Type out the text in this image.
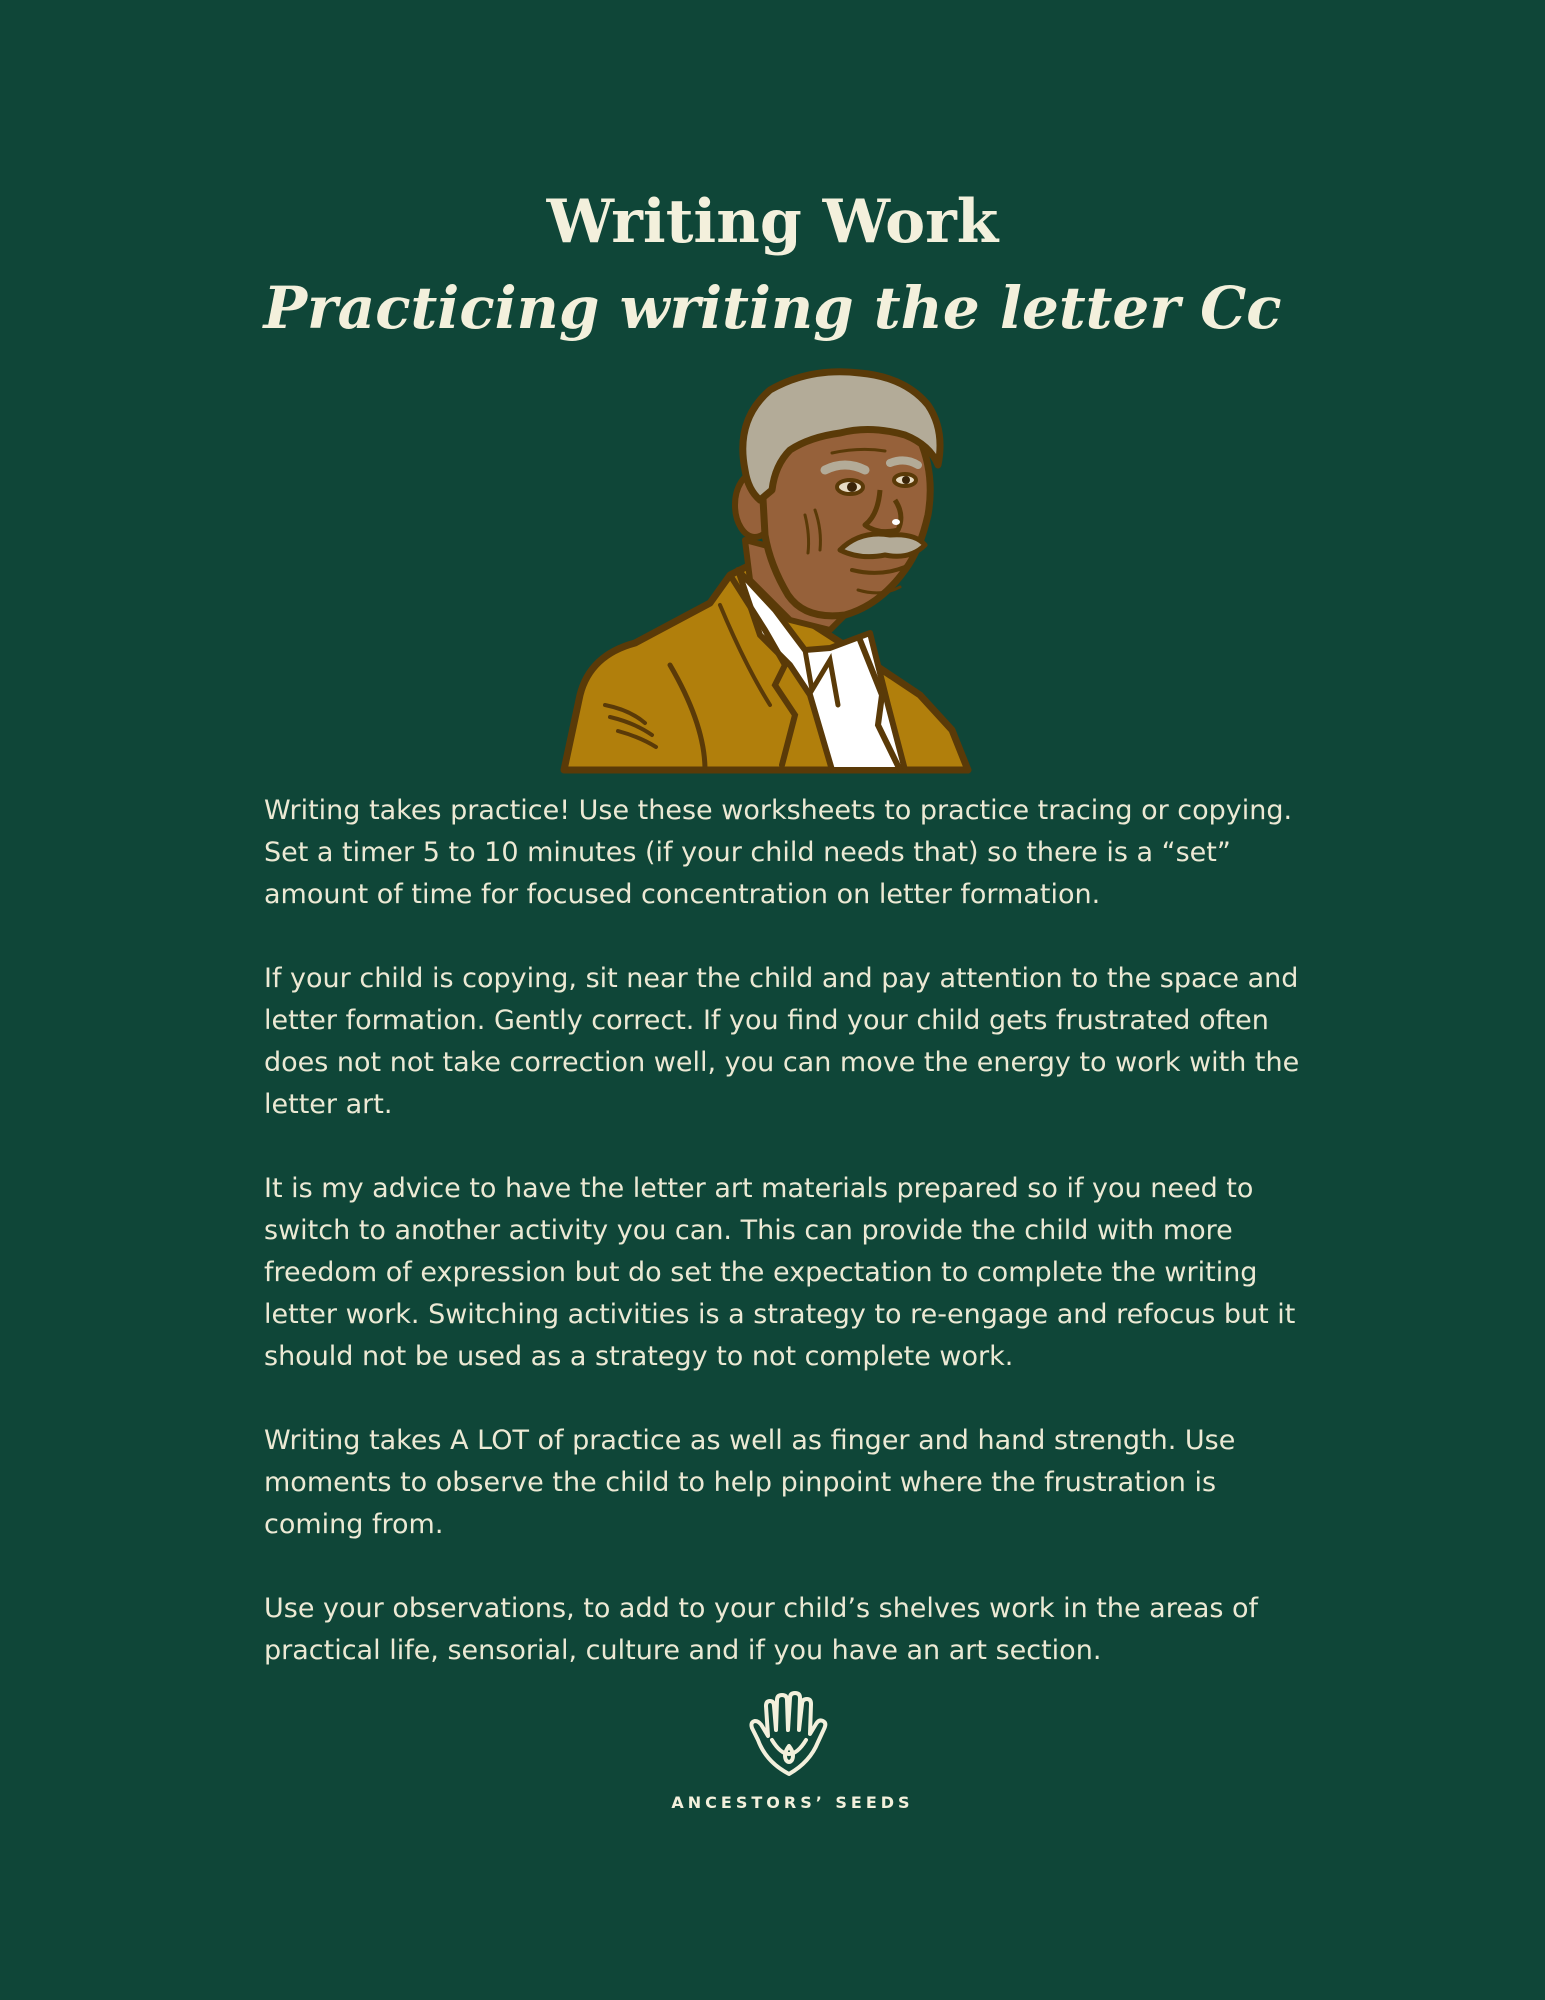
Writing Work
Practicing writing the letter Cc

Writing takes practice! Use these worksheets to practice tracing or copying. Set a timer 5 to 10 minutes (if your child needs that) so there is a “set” amount of time for focused concentration on letter formation.

If your child is copying, sit near the child and pay attention to the space and letter formation. Gently correct. If you find your child gets frustrated often does not not take correction well, you can move the energy to work with the letter art.

It is my advice to have the letter art materials prepared so if you need to switch to another activity you can. This can provide the child with more freedom of expression but do set the expectation to complete the writing letter work. Switching activities is a strategy to re-engage and refocus but it should not be used as a strategy to not complete work.

Writing takes A LOT of practice as well as finger and hand strength. Use moments to observe the child to help pinpoint where the frustration is coming from.

Use your observations, to add to your child’s shelves work in the areas of practical life, sensorial, culture and if you have an art section.

ANCESTORS’ SEEDS
